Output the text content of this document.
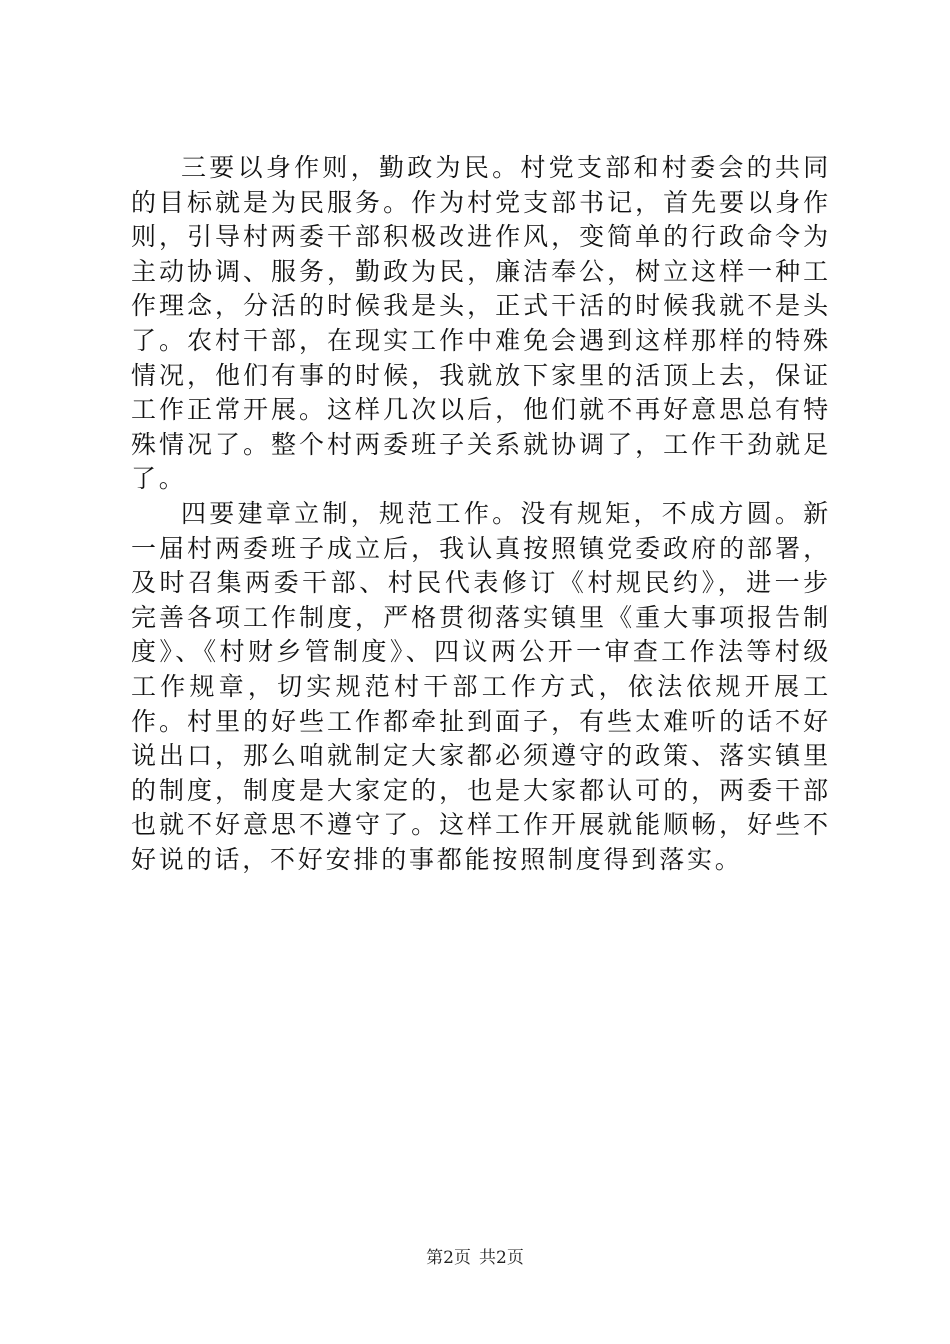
三要以身作则，勤政为民。村党支部和村委会的共同的目标就是为民服务。作为村党支部书记，首先要以身作则，引导村两委干部积极改进作风，变简单的行政命令为主动协调、服务，勤政为民，廉洁奉公，树立这样一种工作理念，分活的时候我是头，正式干活的时候我就不是头了。农村干部，在现实工作中难免会遇到这样那样的特殊情况，他们有事的时候，我就放下家里的活顶上去，保证工作正常开展。这样几次以后，他们就不再好意思总有特殊情况了。整个村两委班子关系就协调了，工作干劲就足了。

四要建章立制，规范工作。没有规矩，不成方圆。新一届村两委班子成立后，我认真按照镇党委政府的部署，及时召集两委干部、村民代表修订《村规民约》，进一步完善各项工作制度，严格贯彻落实镇里《重大事项报告制度》、《村财乡管制度》、四议两公开一审查工作法等村级工作规章，切实规范村干部工作方式，依法依规开展工作。村里的好些工作都牵扯到面子，有些太难听的话不好说出口，那么咱就制定大家都必须遵守的政策、落实镇里的制度，制度是大家定的，也是大家都认可的，两委干部也就不好意思不遵守了。这样工作开展就能顺畅，好些不好说的话，不好安排的事都能按照制度得到落实。

第2页 共2页
